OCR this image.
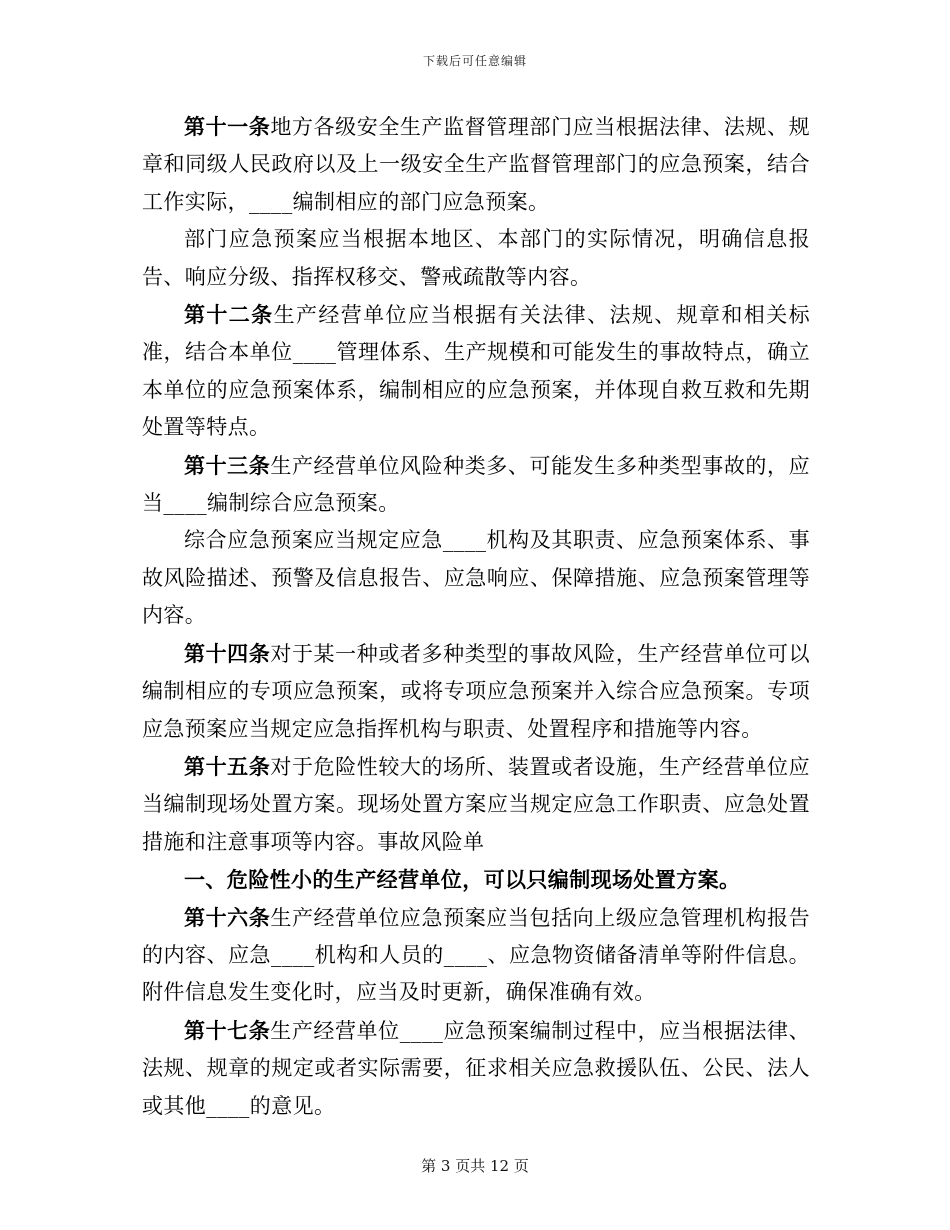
下载后可任意编辑

第十一条地方各级安全生产监督管理部门应当根据法律、法规、规章和同级人民政府以及上一级安全生产监督管理部门的应急预案，结合工作实际，____编制相应的部门应急预案。

部门应急预案应当根据本地区、本部门的实际情况，明确信息报告、响应分级、指挥权移交、警戒疏散等内容。

第十二条生产经营单位应当根据有关法律、法规、规章和相关标准，结合本单位____管理体系、生产规模和可能发生的事故特点，确立本单位的应急预案体系，编制相应的应急预案，并体现自救互救和先期处置等特点。

第十三条生产经营单位风险种类多、可能发生多种类型事故的，应当____编制综合应急预案。

综合应急预案应当规定应急____机构及其职责、应急预案体系、事故风险描述、预警及信息报告、应急响应、保障措施、应急预案管理等内容。

第十四条对于某一种或者多种类型的事故风险，生产经营单位可以编制相应的专项应急预案，或将专项应急预案并入综合应急预案。专项应急预案应当规定应急指挥机构与职责、处置程序和措施等内容。

第十五条对于危险性较大的场所、装置或者设施，生产经营单位应当编制现场处置方案。现场处置方案应当规定应急工作职责、应急处置措施和注意事项等内容。事故风险单

一、危险性小的生产经营单位，可以只编制现场处置方案。

第十六条生产经营单位应急预案应当包括向上级应急管理机构报告的内容、应急____机构和人员的____、应急物资储备清单等附件信息。附件信息发生变化时，应当及时更新，确保准确有效。

第十七条生产经营单位____应急预案编制过程中，应当根据法律、法规、规章的规定或者实际需要，征求相关应急救援队伍、公民、法人或其他____的意见。

第 3 页共 12 页
